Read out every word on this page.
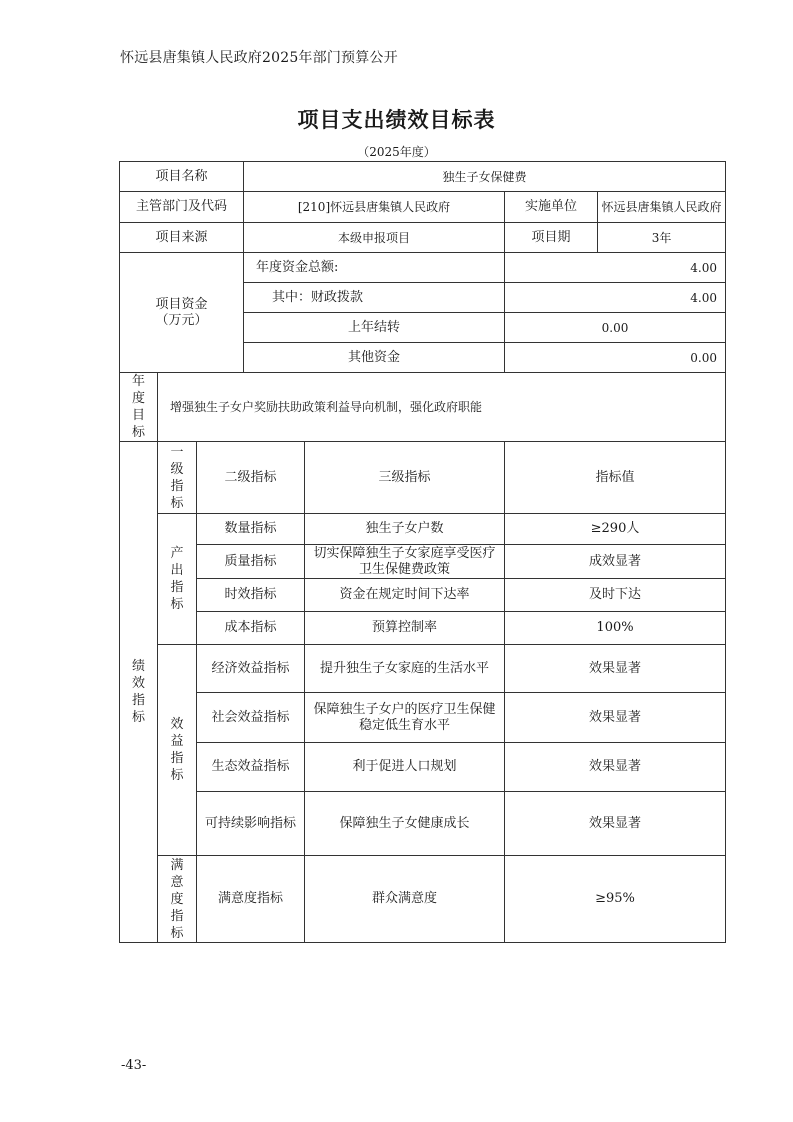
怀远县唐集镇人民政府2025年部门预算公开
项目支出绩效目标表
（2025年度）
项目名称			独生子女保健费			
主管部门及代码			[210]怀远县唐集镇人民政府		实施单位	怀远县唐集镇人民政府
项目来源			本级申报项目		项目期	3年

项目资金
（万元）			年度资金总额:		4.00	
			其中：财政拨款		4.00	
			上年结转		0.00	
			其他资金		0.00	

年度目标	增强独生子女户奖励扶助政策利益导向机制，强化政府职能					

绩效指标	一级指标	二级指标		三级指标	指标值	

	产出指标	数量指标		独生子女户数	≥290人	
		质量指标		切实保障独生子女家庭享受医疗卫生保健费政策	成效显著	
		时效指标		资金在规定时间下达率	及时下达	
		成本指标		预算控制率	100%	

	效益指标	经济效益指标		提升独生子女家庭的生活水平	效果显著	
		社会效益指标		保障独生子女户的医疗卫生保健稳定低生育水平	效果显著	
		生态效益指标		利于促进人口规划	效果显著	
		可持续影响指标		保障独生子女健康成长	效果显著	

	满意度指标	满意度指标		群众满意度	≥95%	
-43-
